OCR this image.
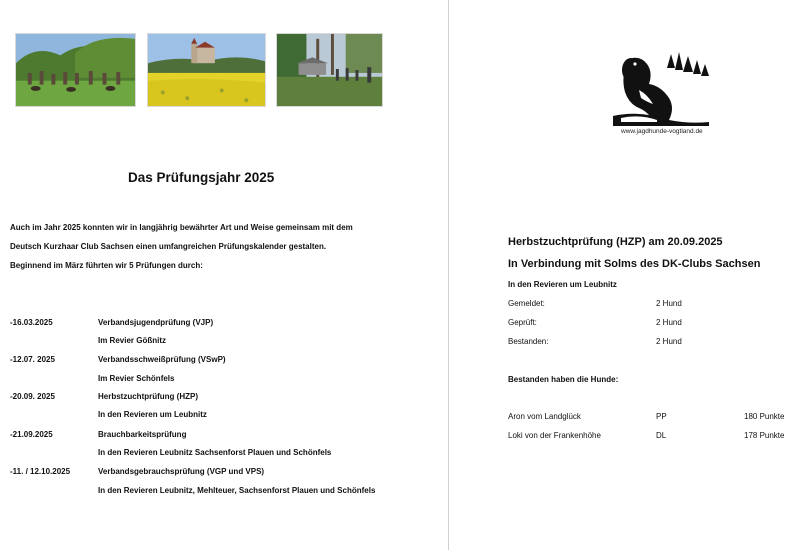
Das Prüfungsjahr 2025
Auch im Jahr 2025 konnten wir in langjährig bewährter Art und Weise gemeinsam mit dem
Deutsch Kurzhaar Club Sachsen einen umfangreichen Prüfungskalender gestalten.
Beginnend im März führten wir 5 Prüfungen durch:
-16.03.2025	Verbandsjugendprüfung (VJP)
Im Revier Gößnitz
-12.07. 2025	Verbandsschweißprüfung (VSwP)
Im Revier Schönfels
-20.09. 2025	Herbstzuchtprüfung (HZP)
In den Revieren um Leubnitz
-21.09.2025	Brauchbarkeitsprüfung
In den Revieren Leubnitz Sachsenforst Plauen und Schönfels
-11. / 12.10.2025	Verbandsgebrauchsprüfung (VGP und VPS)
In den Revieren Leubnitz, Mehlteuer, Sachsenforst Plauen und Schönfels
www.jagdhunde-vogtland.de
Herbstzuchtprüfung (HZP) am 20.09.2025
In Verbindung mit Solms des DK-Clubs Sachsen
In den Revieren um Leubnitz
Gemeldet:	2 Hund
Geprüft:	2 Hund
Bestanden:	2 Hund
Bestanden haben die Hunde:
Aron vom Landglück	PP	180 Punkte
Loki von der Frankenhöhe	DL	178 Punkte
